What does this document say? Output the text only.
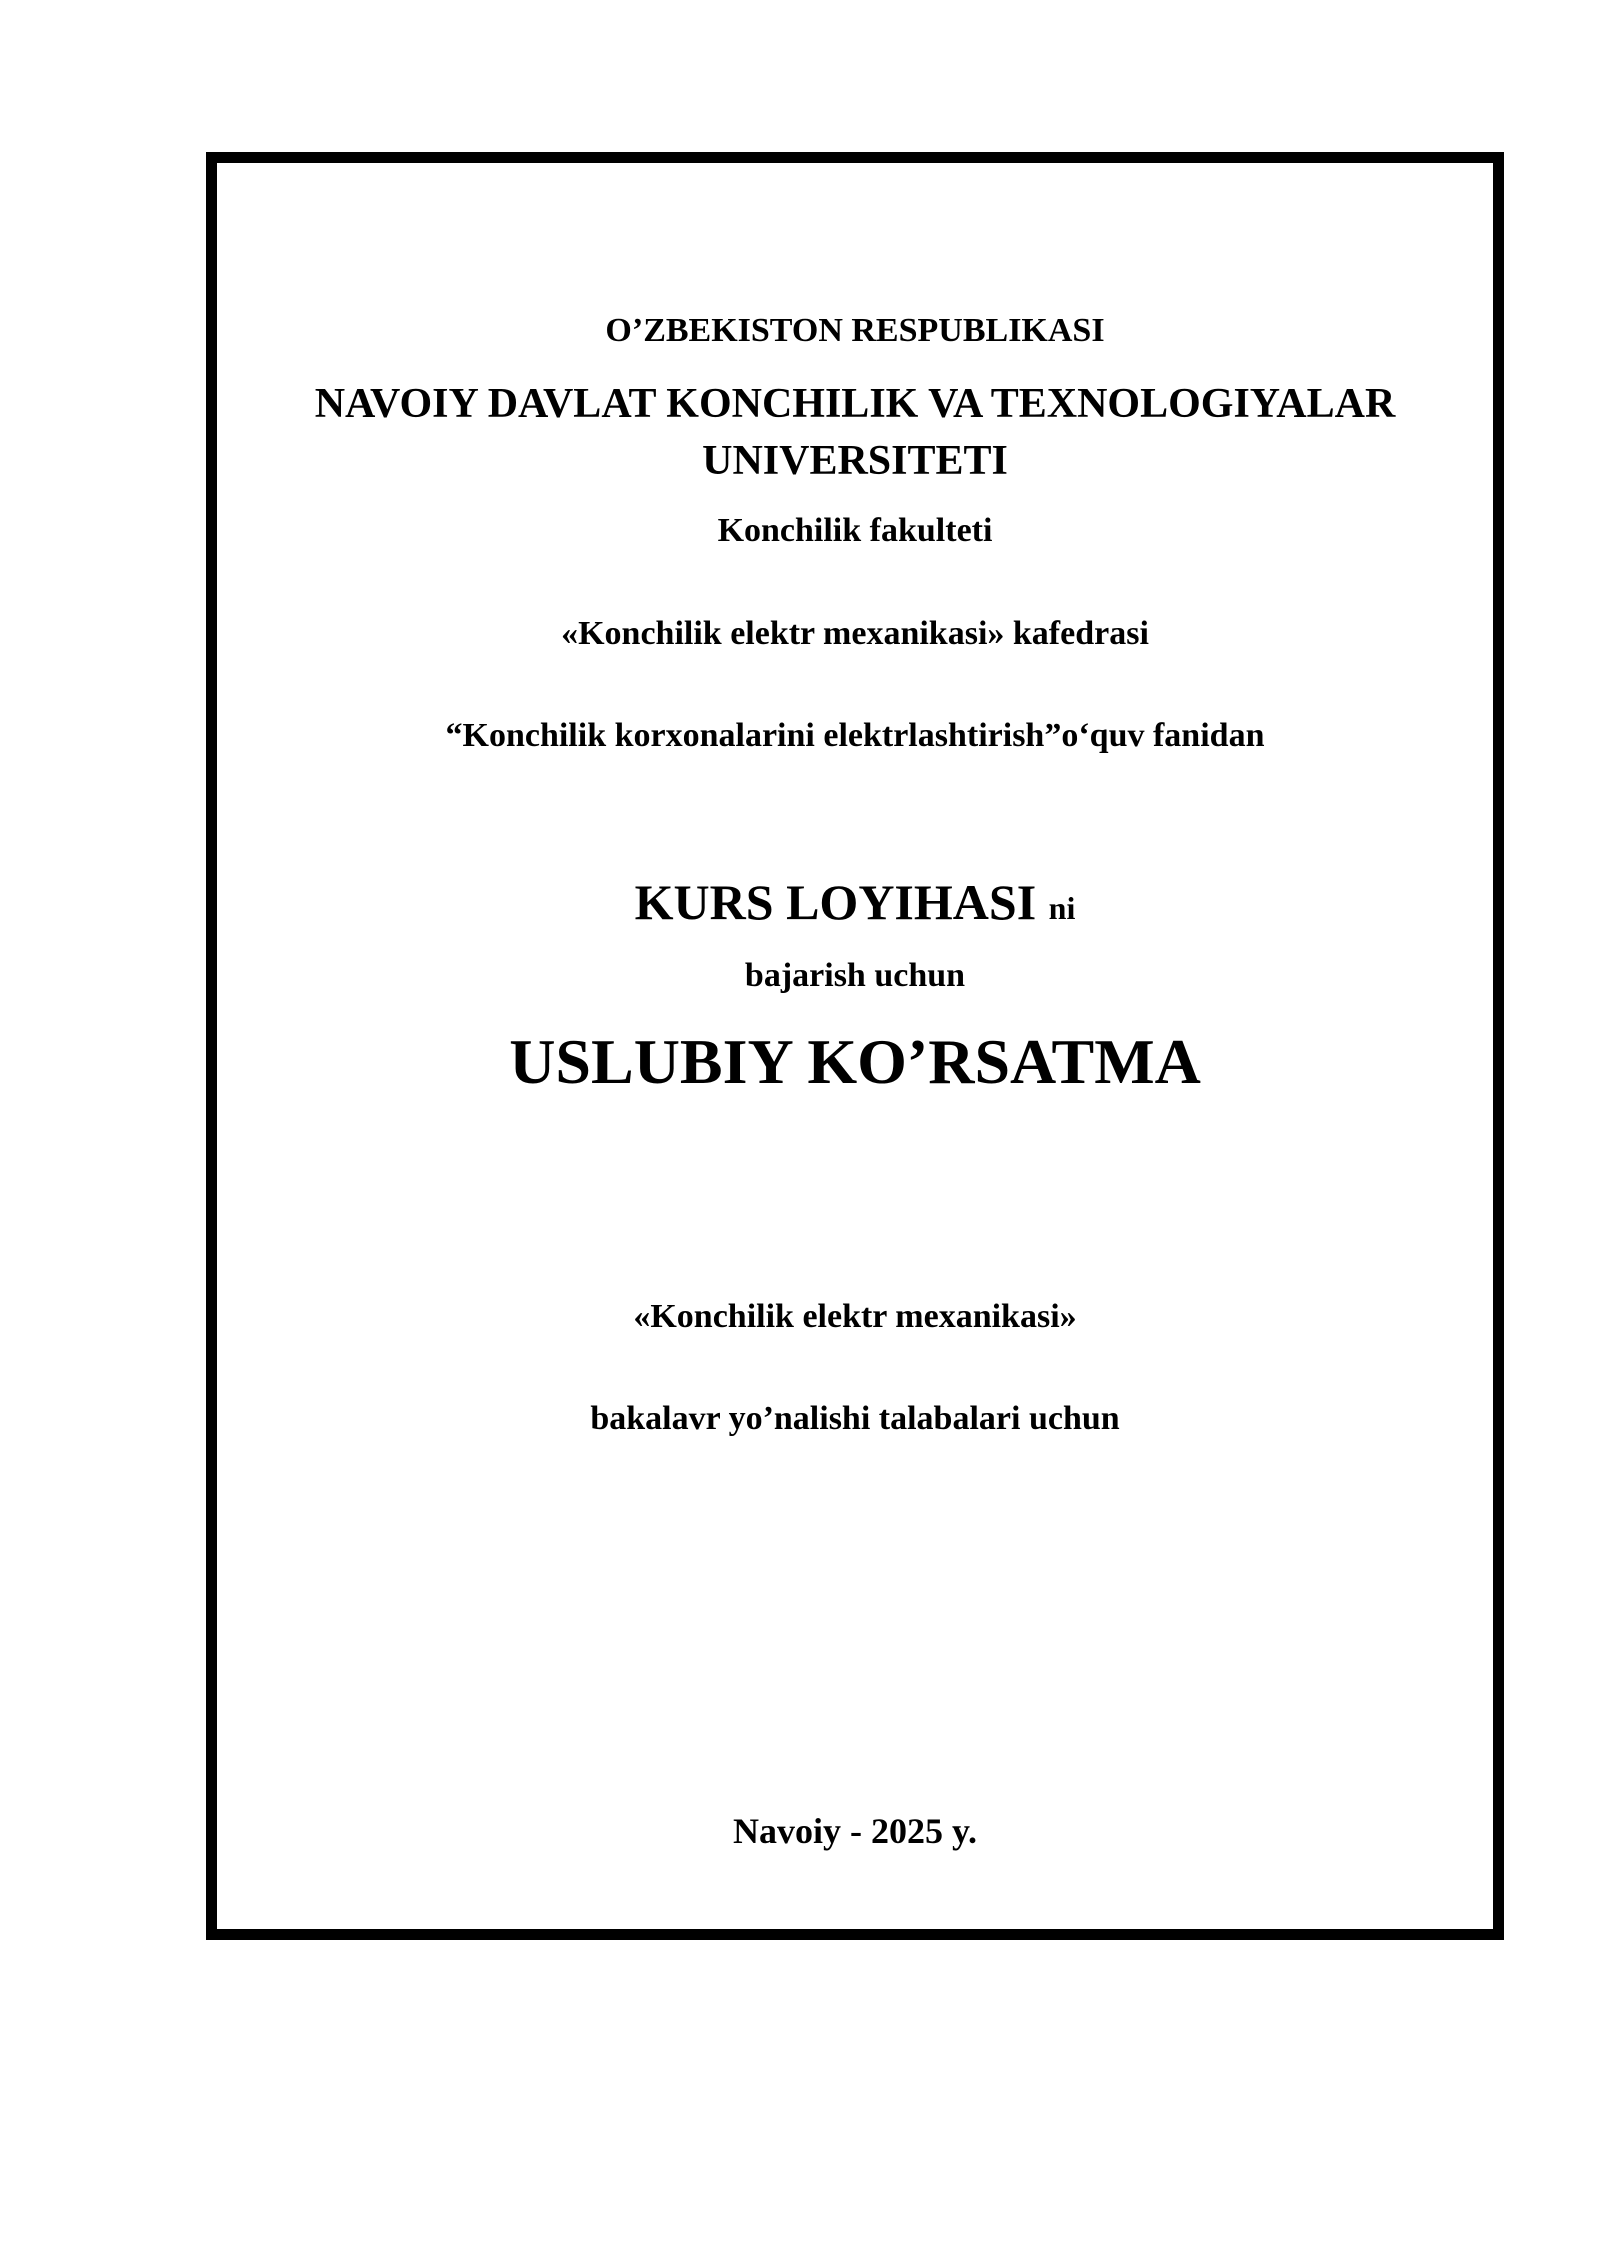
O’ZBEKISTON RESPUBLIKASI
NAVOIY DAVLAT KONCHILIK VA TEXNOLOGIYALAR
UNIVERSITETI
Konchilik fakulteti
«Konchilik elektr mexanikasi» kafedrasi
“Konchilik korxonalarini elektrlashtirish”o‘quv fanidan
KURS LOYIHASI ni
bajarish uchun
USLUBIY KO’RSATMA
«Konchilik elektr mexanikasi»
bakalavr yo’nalishi talabalari uchun
Navoiy - 2025 y.
